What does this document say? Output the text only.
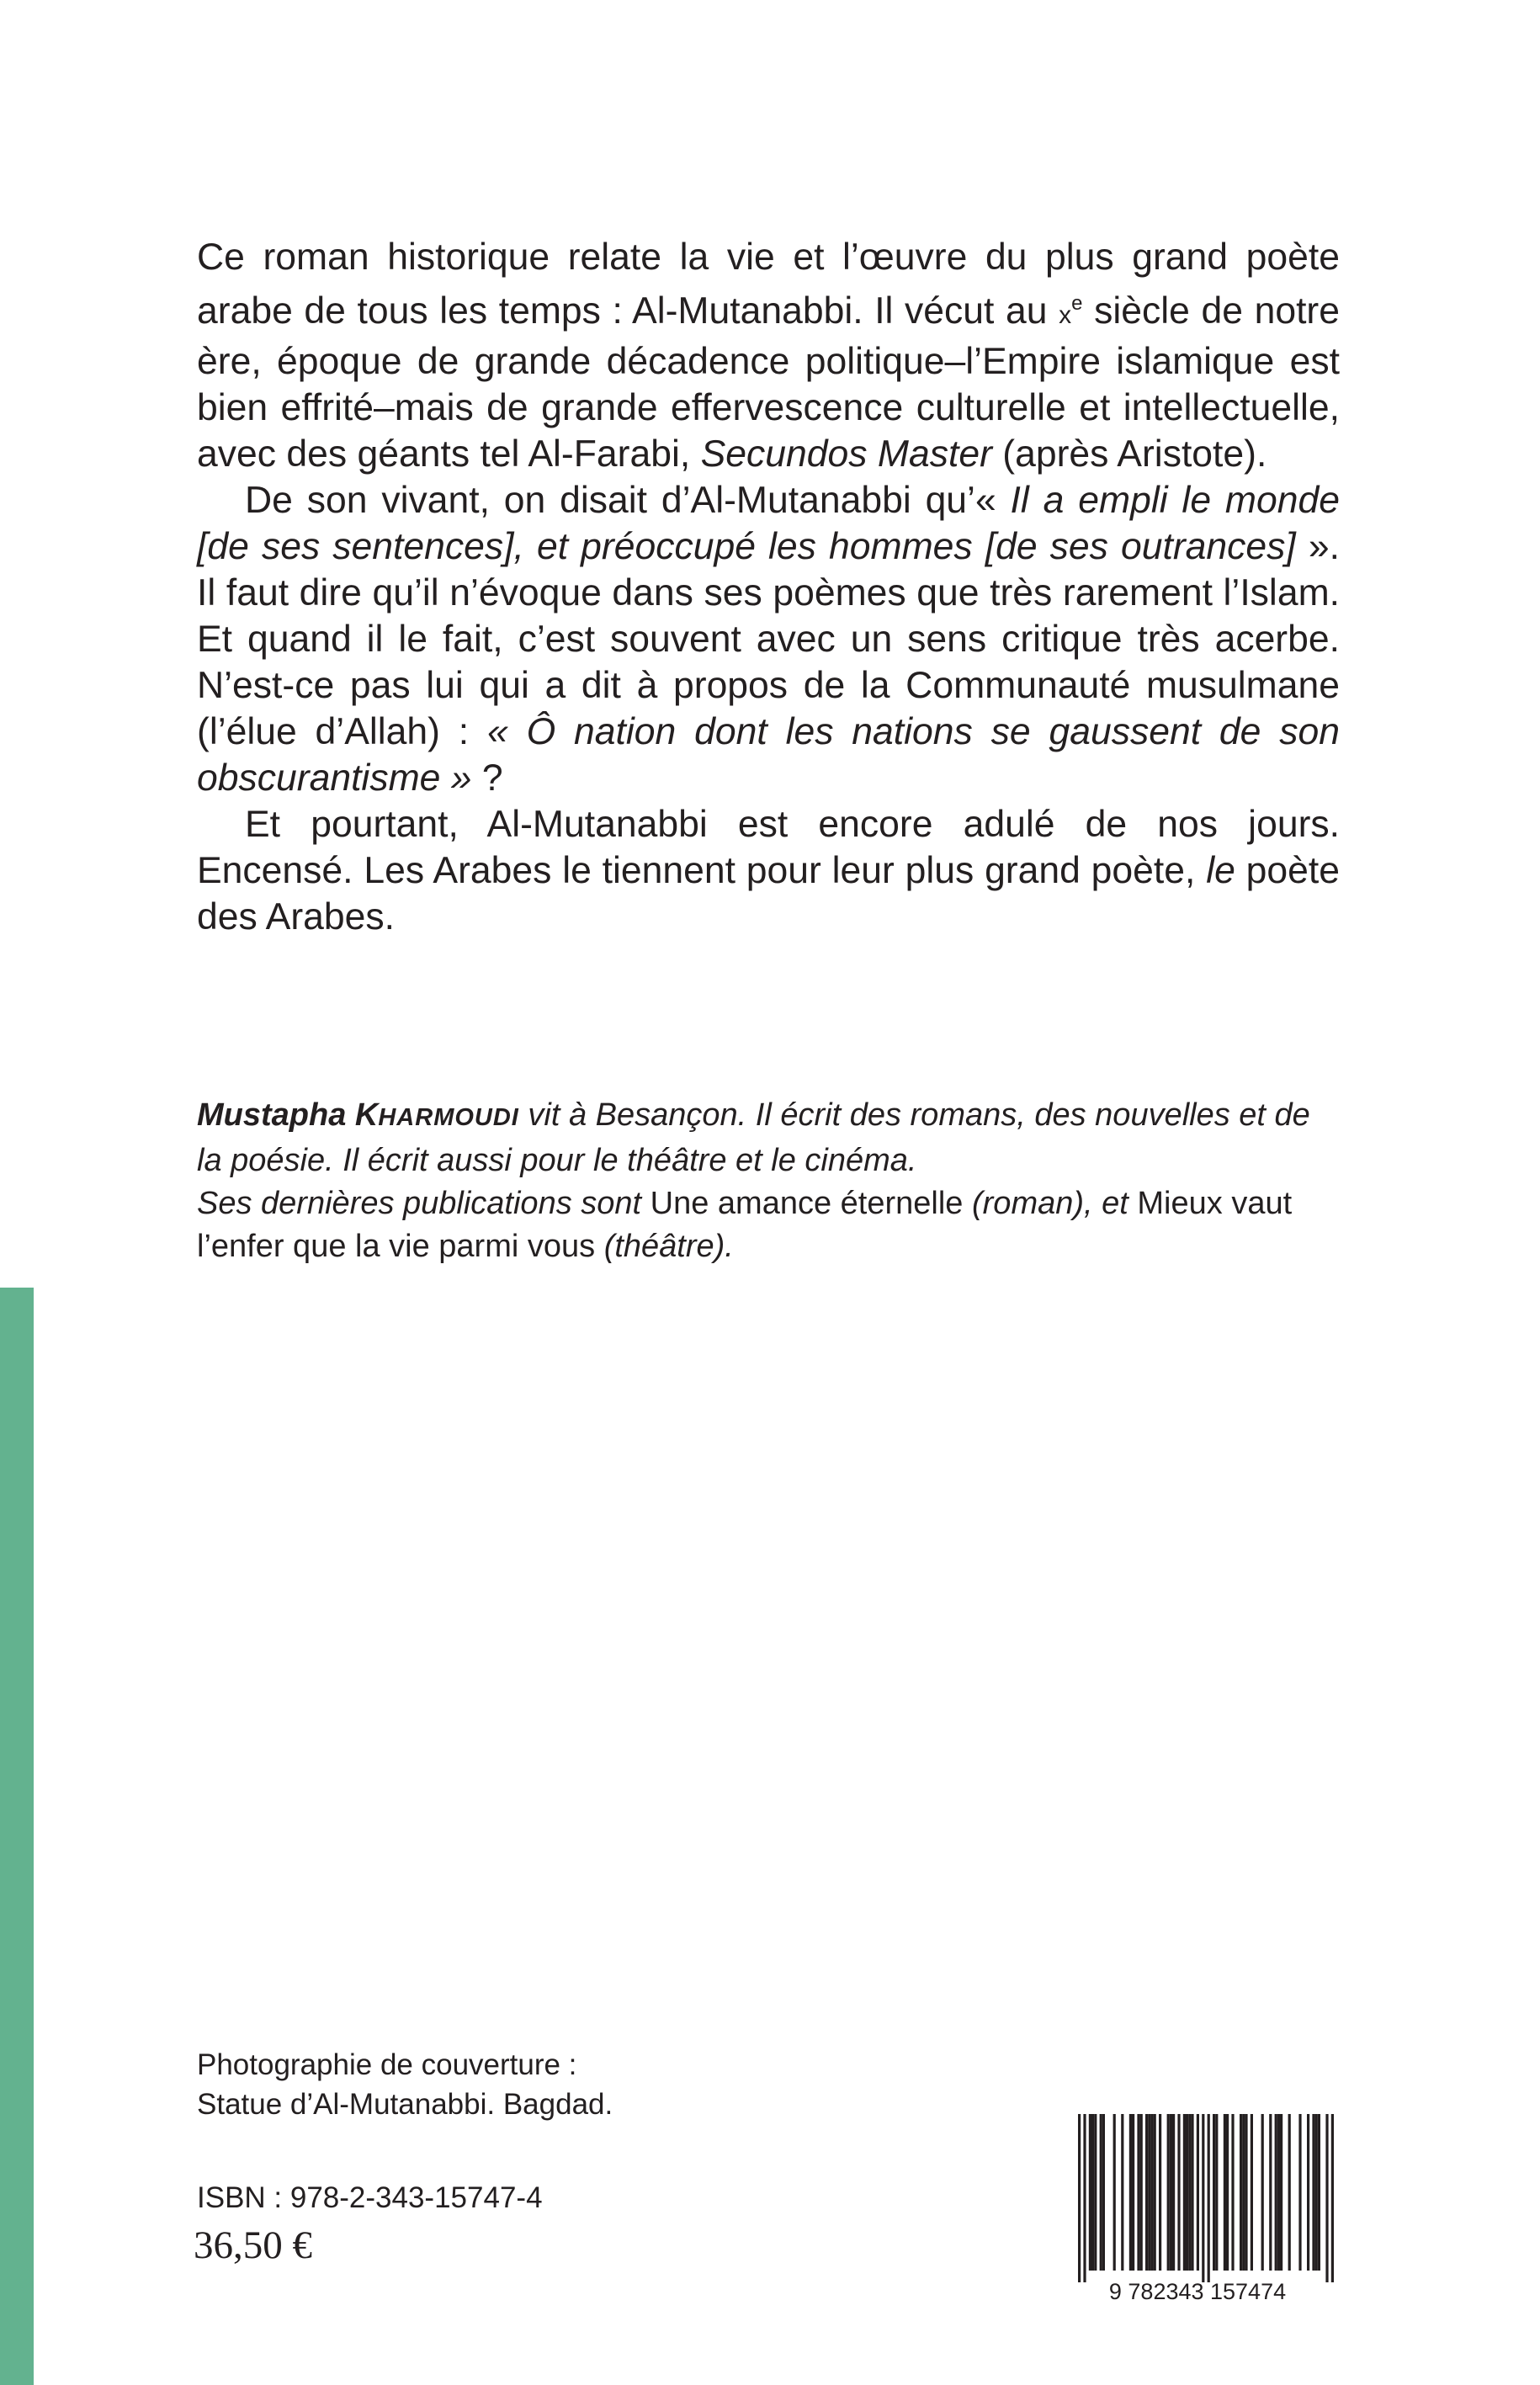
Ce roman historique relate la vie et l’œuvre du plus grand poète arabe de tous les temps : Al-Mutanabbi. Il vécut au $x^e$ siècle de notre ère, époque de grande décadence politique–l’Empire islamique est bien effrité–mais de grande effervescence culturelle et intellectuelle, avec des géants tel Al-Farabi, Secundos Master (après Aristote).

De son vivant, on disait d’Al-Mutanabbi qu’« Il a empli le monde [de ses sentences], et préoccupé les hommes [de ses outrances] ». Il faut dire qu’il n’évoque dans ses poèmes que très rarement l’Islam. Et quand il le fait, c’est souvent avec un sens critique très acerbe. N’est-ce pas lui qui a dit à propos de la Communauté musulmane (l’élue d’Allah) : « Ô nation dont les nations se gaussent de son obscurantisme » ?

Et pourtant, Al-Mutanabbi est encore adulé de nos jours. Encensé. Les Arabes le tiennent pour leur plus grand poète, le poète des Arabes.

Mustapha KHARMOUDI vit à Besançon. Il écrit des romans, des nouvelles et de la poésie. Il écrit aussi pour le théâtre et le cinéma.

Ses dernières publications sont Une amance éternelle (roman), et Mieux vaut l’enfer que la vie parmi vous (théâtre).

Photographie de couverture :
Statue d’Al-Mutanabbi. Bagdad.
ISBN : 978-2-343-15747-4
36,50 €
9 782343 157474
